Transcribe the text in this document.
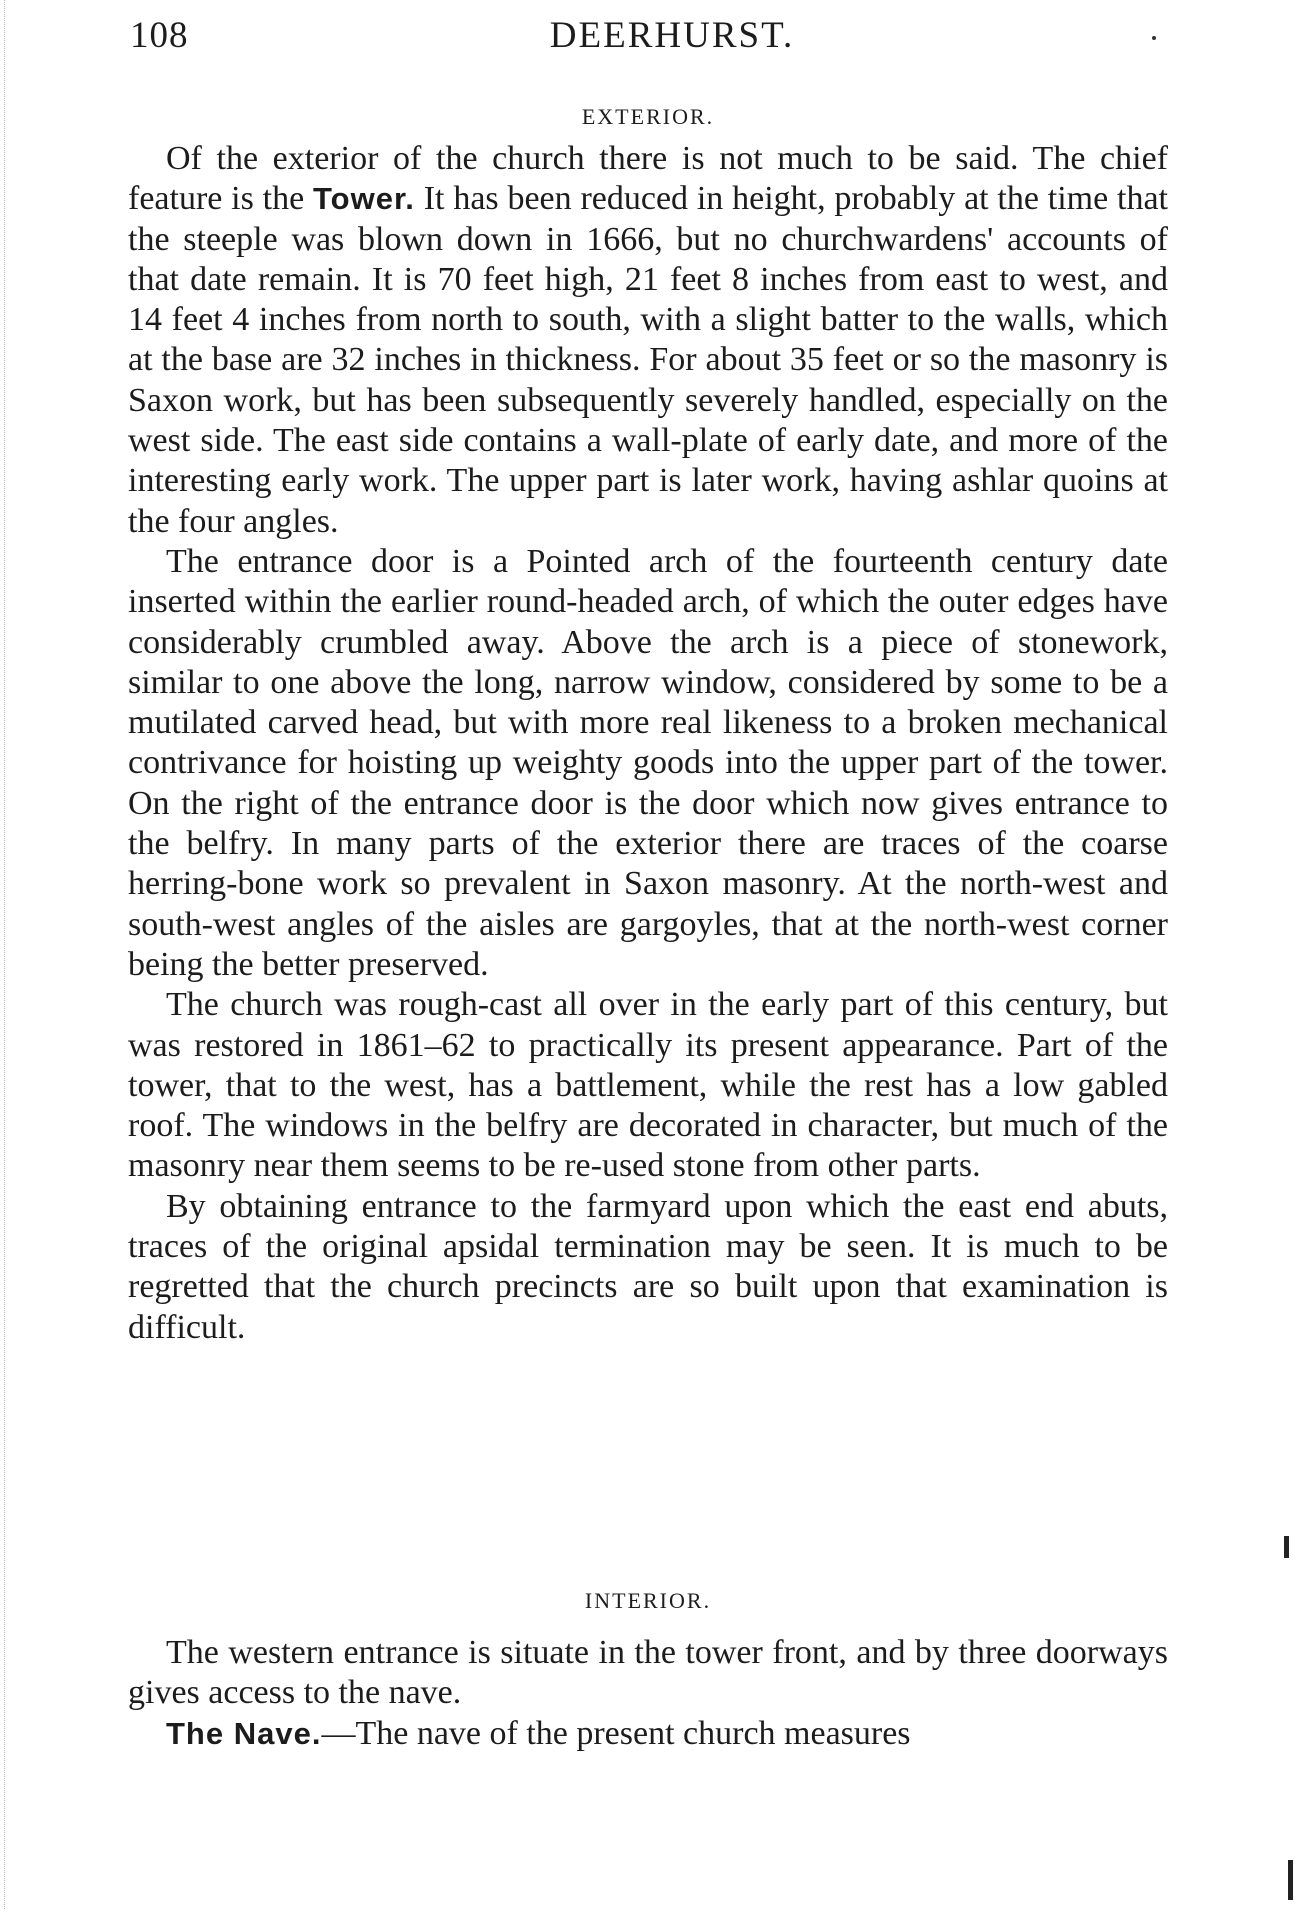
108	DEERHURST.
EXTERIOR.

Of the exterior of the church there is not much to be said. The chief feature is the Tower. It has been reduced in height, probably at the time that the steeple was blown down in 1666, but no churchwardens' accounts of that date remain. It is 70 feet high, 21 feet 8 inches from east to west, and 14 feet 4 inches from north to south, with a slight batter to the walls, which at the base are 32 inches in thickness. For about 35 feet or so the masonry is Saxon work, but has been subsequently severely handled, especially on the west side. The east side contains a wall-plate of early date, and more of the interesting early work. The upper part is later work, having ashlar quoins at the four angles.

The entrance door is a Pointed arch of the fourteenth century date inserted within the earlier round-headed arch, of which the outer edges have considerably crumbled away. Above the arch is a piece of stonework, similar to one above the long, narrow window, considered by some to be a mutilated carved head, but with more real likeness to a broken mechanical contrivance for hoisting up weighty goods into the upper part of the tower. On the right of the entrance door is the door which now gives entrance to the belfry. In many parts of the exterior there are traces of the coarse herring-bone work so prevalent in Saxon masonry. At the north-west and south-west angles of the aisles are gargoyles, that at the north-west corner being the better preserved.

The church was rough-cast all over in the early part of this century, but was restored in 1861–62 to practically its present appearance. Part of the tower, that to the west, has a battlement, while the rest has a low gabled roof. The windows in the belfry are decorated in character, but much of the masonry near them seems to be re-used stone from other parts.

By obtaining entrance to the farmyard upon which the east end abuts, traces of the original apsidal termination may be seen. It is much to be regretted that the church precincts are so built upon that examination is difficult.

INTERIOR.

The western entrance is situate in the tower front, and by three doorways gives access to the nave.

The Nave.—The nave of the present church measures
